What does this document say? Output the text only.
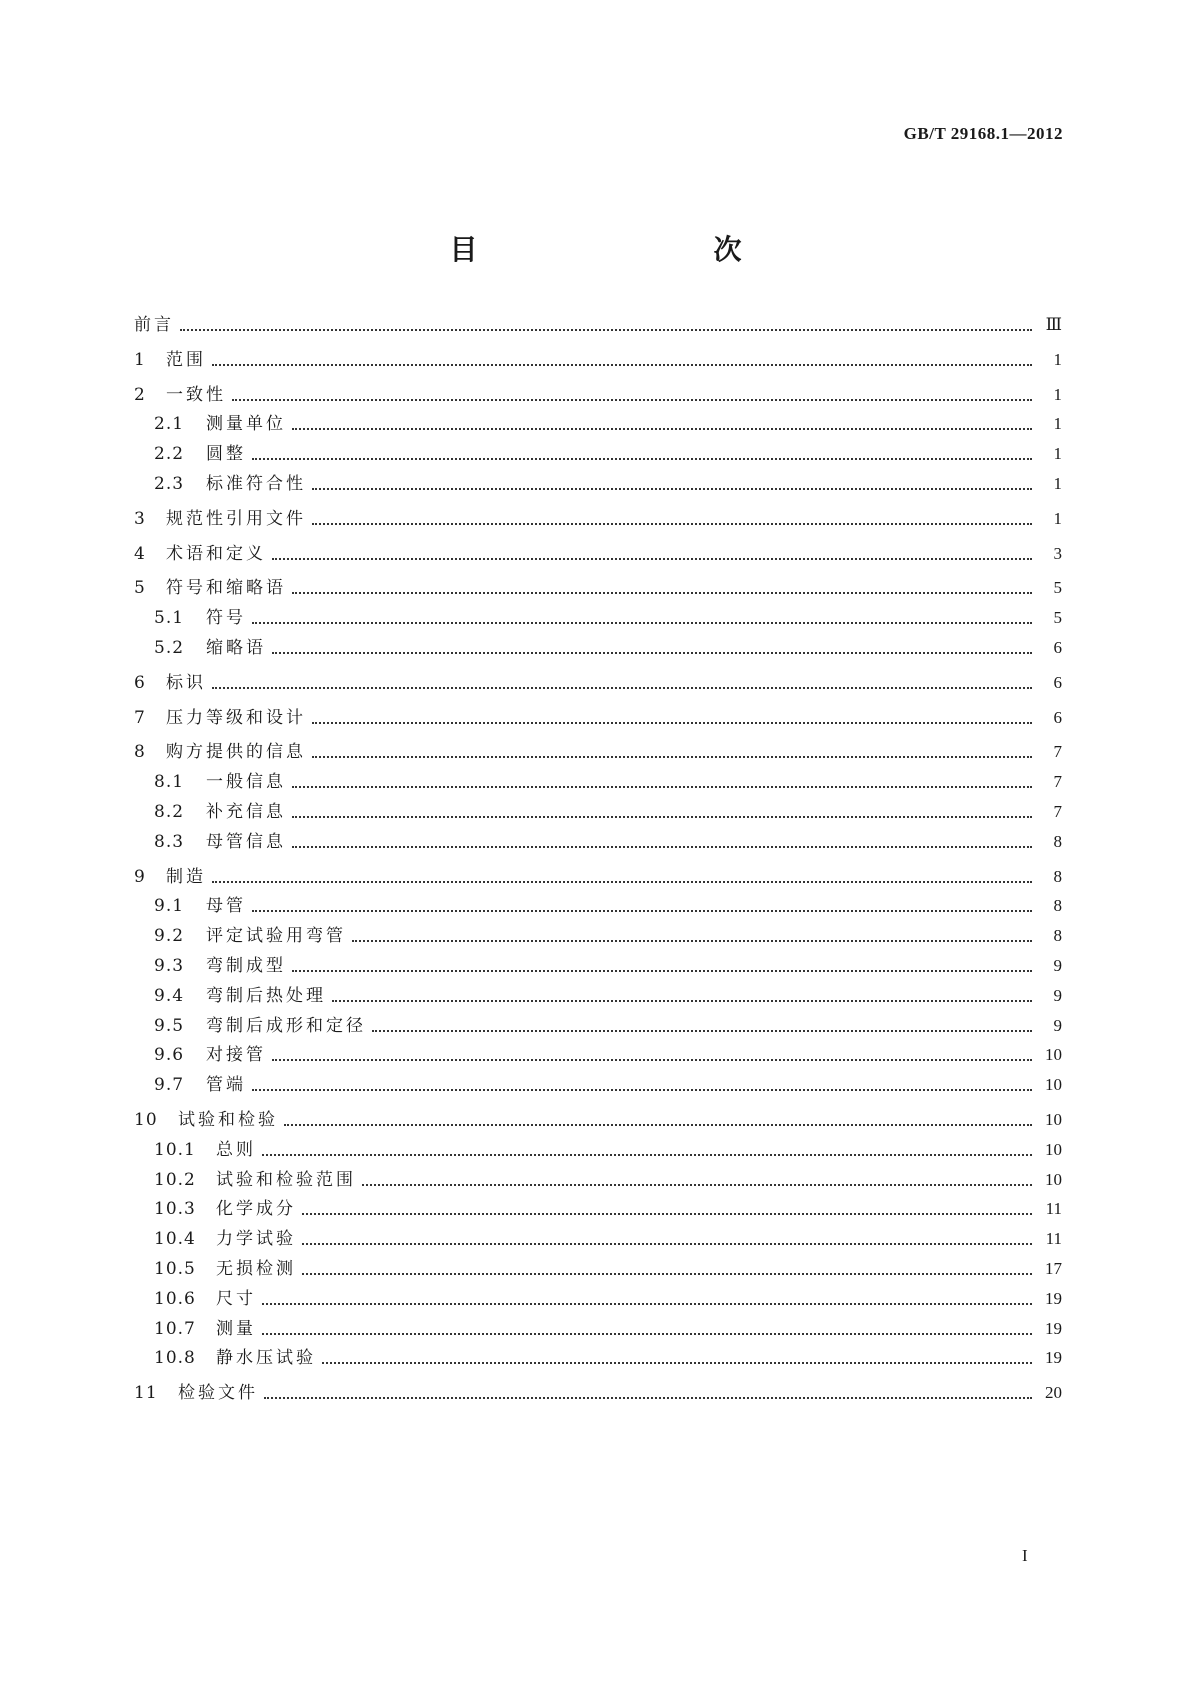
GB/T 29168.1—2012
目　　次
前言	Ⅲ
1	范围	1
2	一致性	1
2.1	测量单位	1
2.2	圆整	1
2.3	标准符合性	1
3	规范性引用文件	1
4	术语和定义	3
5	符号和缩略语	5
5.1	符号	5
5.2	缩略语	6
6	标识	6
7	压力等级和设计	6
8	购方提供的信息	7
8.1	一般信息	7
8.2	补充信息	7
8.3	母管信息	8
9	制造	8
9.1	母管	8
9.2	评定试验用弯管	8
9.3	弯制成型	9
9.4	弯制后热处理	9
9.5	弯制后成形和定径	9
9.6	对接管	10
9.7	管端	10
10	试验和检验	10
10.1	总则	10
10.2	试验和检验范围	10
10.3	化学成分	11
10.4	力学试验	11
10.5	无损检测	17
10.6	尺寸	19
10.7	测量	19
10.8	静水压试验	19
11	检验文件	20
I
